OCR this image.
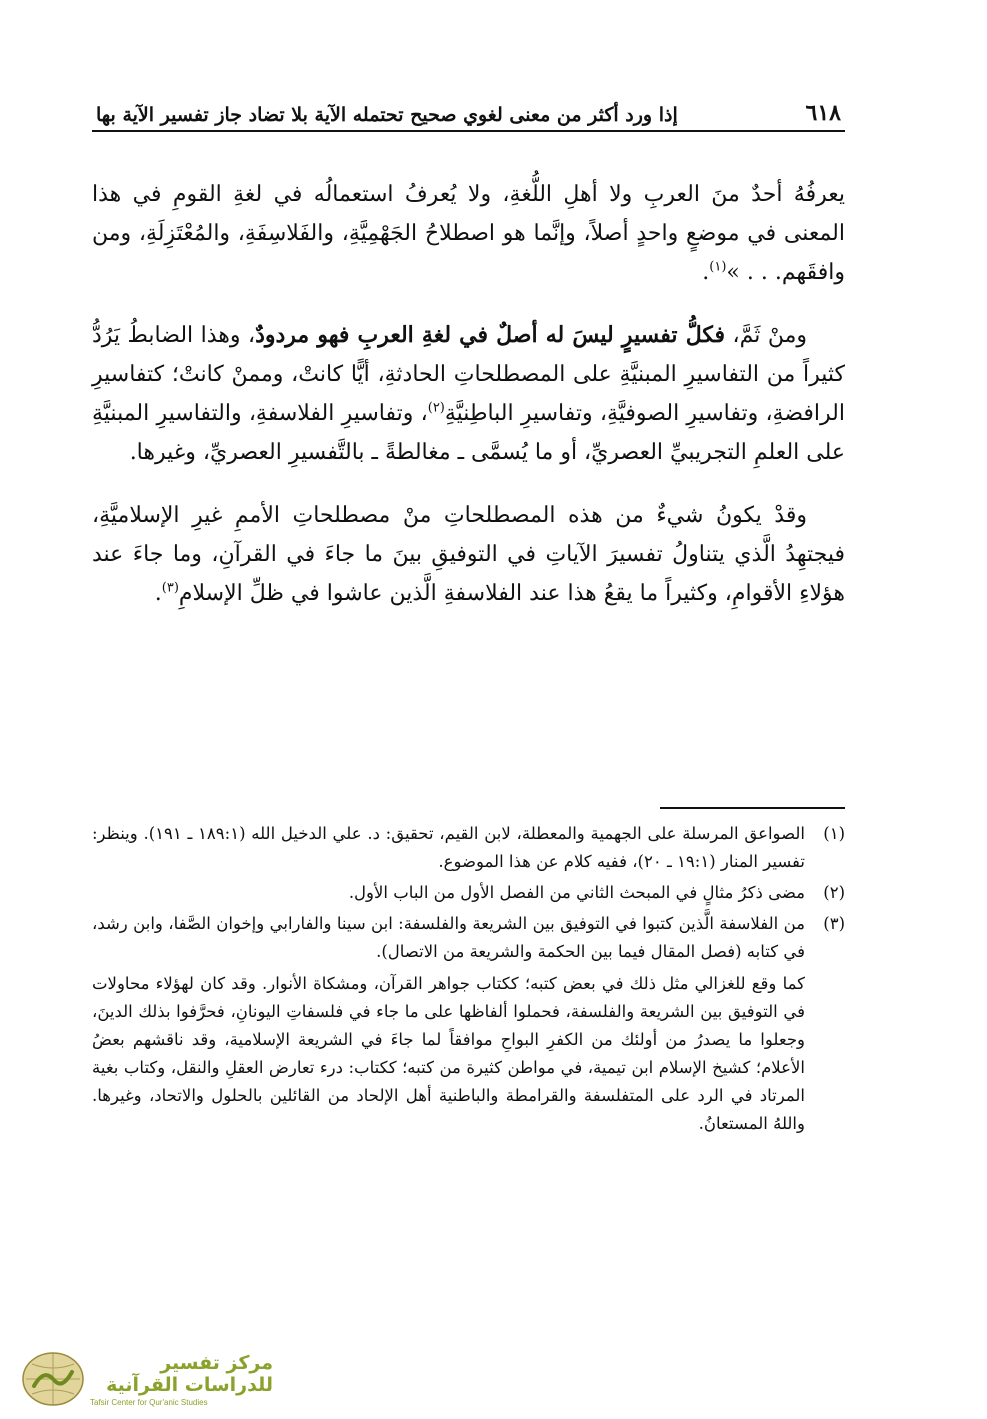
٦١٨
إذا ورد أكثر من معنى لغوي صحيح تحتمله الآية بلا تضاد جاز تفسير الآية بها

يعرفُهُ أحدٌ منَ العربِ ولا أهلِ اللُّغةِ، ولا يُعرفُ استعمالُه في لغةِ القومِ في هذا المعنى في موضعٍ واحدٍ أصلاً، وإنَّما هو اصطلاحُ الجَهْمِيَّةِ، والفَلاسِفَةِ، والمُعْتَزِلَةِ، ومن وافقَهم. . . »$^{(١)}$.

ومنْ ثَمَّ، فكلُّ تفسيرٍ ليسَ له أصلٌ في لغةِ العربِ فهو مردودٌ، وهذا الضابطُ يَرُدُّ كثيراً من التفاسيرِ المبنيَّةِ على المصطلحاتِ الحادثةِ، أيًّا كانتْ، وممنْ كانتْ؛ كتفاسيرِ الرافضةِ، وتفاسيرِ الصوفيَّةِ، وتفاسيرِ الباطِنيَّةِ$^{(٢)}$، وتفاسيرِ الفلاسفةِ، والتفاسيرِ المبنيَّةِ على العلمِ التجريبيِّ العصريِّ، أو ما يُسمَّى ـ مغالطةً ـ بالتَّفسيرِ العصريِّ، وغيرها.

وقدْ يكونُ شيءٌ من هذه المصطلحاتِ منْ مصطلحاتِ الأممِ غيرِ الإسلاميَّةِ، فيجتهِدُ الَّذي يتناولُ تفسيرَ الآياتِ في التوفيقِ بينَ ما جاءَ في القرآنِ، وما جاءَ عند هؤلاءِ الأقوامِ، وكثيراً ما يقعُ هذا عند الفلاسفةِ الَّذين عاشوا في ظلِّ الإسلامِ$^{(٣)}$.

(١)
الصواعق المرسلة على الجهمية والمعطلة، لابن القيم، تحقيق: د. علي الدخيل الله (١٨٩:١ ـ ١٩١). وينظر: تفسير المنار (١٩:١ ـ ٢٠)، ففيه كلام عن هذا الموضوع.
(٢)
مضى ذكرُ مثالٍ في المبحث الثاني من الفصل الأول من الباب الأول.
(٣)
من الفلاسفة الَّذين كتبوا في التوفيق بين الشريعة والفلسفة: ابن سينا والفارابي وإخوان الصَّفا، وابن رشد، في كتابه (فصل المقال فيما بين الحكمة والشريعة من الاتصال).
كما وقع للغزالي مثل ذلك في بعض كتبه؛ ككتاب جواهر القرآن، ومشكاة الأنوار. وقد كان لهؤلاء محاولات في التوفيق بين الشريعة والفلسفة، فحملوا ألفاظها على ما جاء في فلسفاتِ اليونانِ، فحرَّفوا بذلك الدينَ، وجعلوا ما يصدرُ من أولئك من الكفرِ البواحِ موافقاً لما جاءَ في الشريعة الإسلامية، وقد ناقشهم بعضُ الأعلام؛ كشيخ الإسلام ابن تيمية، في مواطن كثيرة من كتبه؛ ككتاب: درء تعارض العقلِ والنقل، وكتاب بغية المرتاد في الرد على المتفلسفة والقرامطة والباطنية أهل الإلحاد من القائلين بالحلول والاتحاد، وغيرها. واللهُ المستعانُ.
مركز تفسير للدراسات القرآنية
Tafsir Center for Qur'anic Studies
